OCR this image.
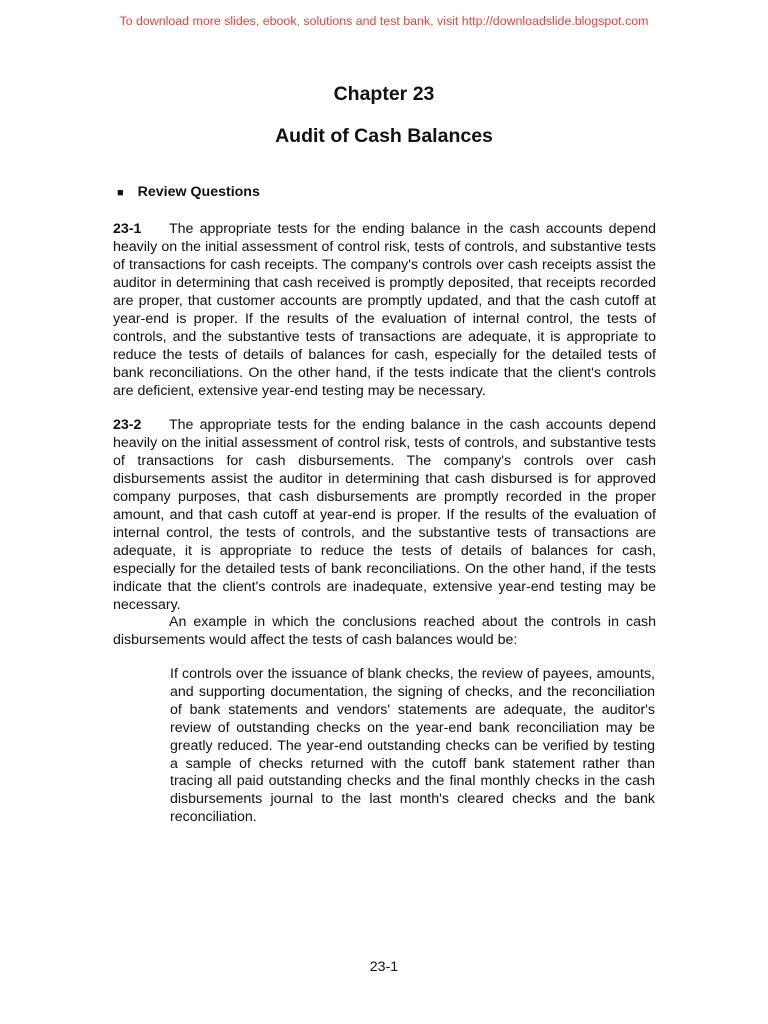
To download more slides, ebook, solutions and test bank, visit http://downloadslide.blogspot.com
Chapter 23
Audit of Cash Balances
■ Review Questions

23-1 The appropriate tests for the ending balance in the cash accounts depend heavily on the initial assessment of control risk, tests of controls, and substantive tests of transactions for cash receipts. The company's controls over cash receipts assist the auditor in determining that cash received is promptly deposited, that receipts recorded are proper, that customer accounts are promptly updated, and that the cash cutoff at year-end is proper. If the results of the evaluation of internal control, the tests of controls, and the substantive tests of transactions are adequate, it is appropriate to reduce the tests of details of balances for cash, especially for the detailed tests of bank reconciliations. On the other hand, if the tests indicate that the client's controls are deficient, extensive year-end testing may be necessary.

23-2 The appropriate tests for the ending balance in the cash accounts depend heavily on the initial assessment of control risk, tests of controls, and substantive tests of transactions for cash disbursements. The company's controls over cash disbursements assist the auditor in determining that cash disbursed is for approved company purposes, that cash disbursements are promptly recorded in the proper amount, and that cash cutoff at year-end is proper. If the results of the evaluation of internal control, the tests of controls, and the substantive tests of transactions are adequate, it is appropriate to reduce the tests of details of balances for cash, especially for the detailed tests of bank reconciliations. On the other hand, if the tests indicate that the client's controls are inadequate, extensive year-end testing may be necessary.

An example in which the conclusions reached about the controls in cash disbursements would affect the tests of cash balances would be:

If controls over the issuance of blank checks, the review of payees, amounts, and supporting documentation, the signing of checks, and the reconciliation of bank statements and vendors' statements are adequate, the auditor's review of outstanding checks on the year-end bank reconciliation may be greatly reduced. The year-end outstanding checks can be verified by testing a sample of checks returned with the cutoff bank statement rather than tracing all paid outstanding checks and the final monthly checks in the cash disbursements journal to the last month's cleared checks and the bank reconciliation.

23-1
